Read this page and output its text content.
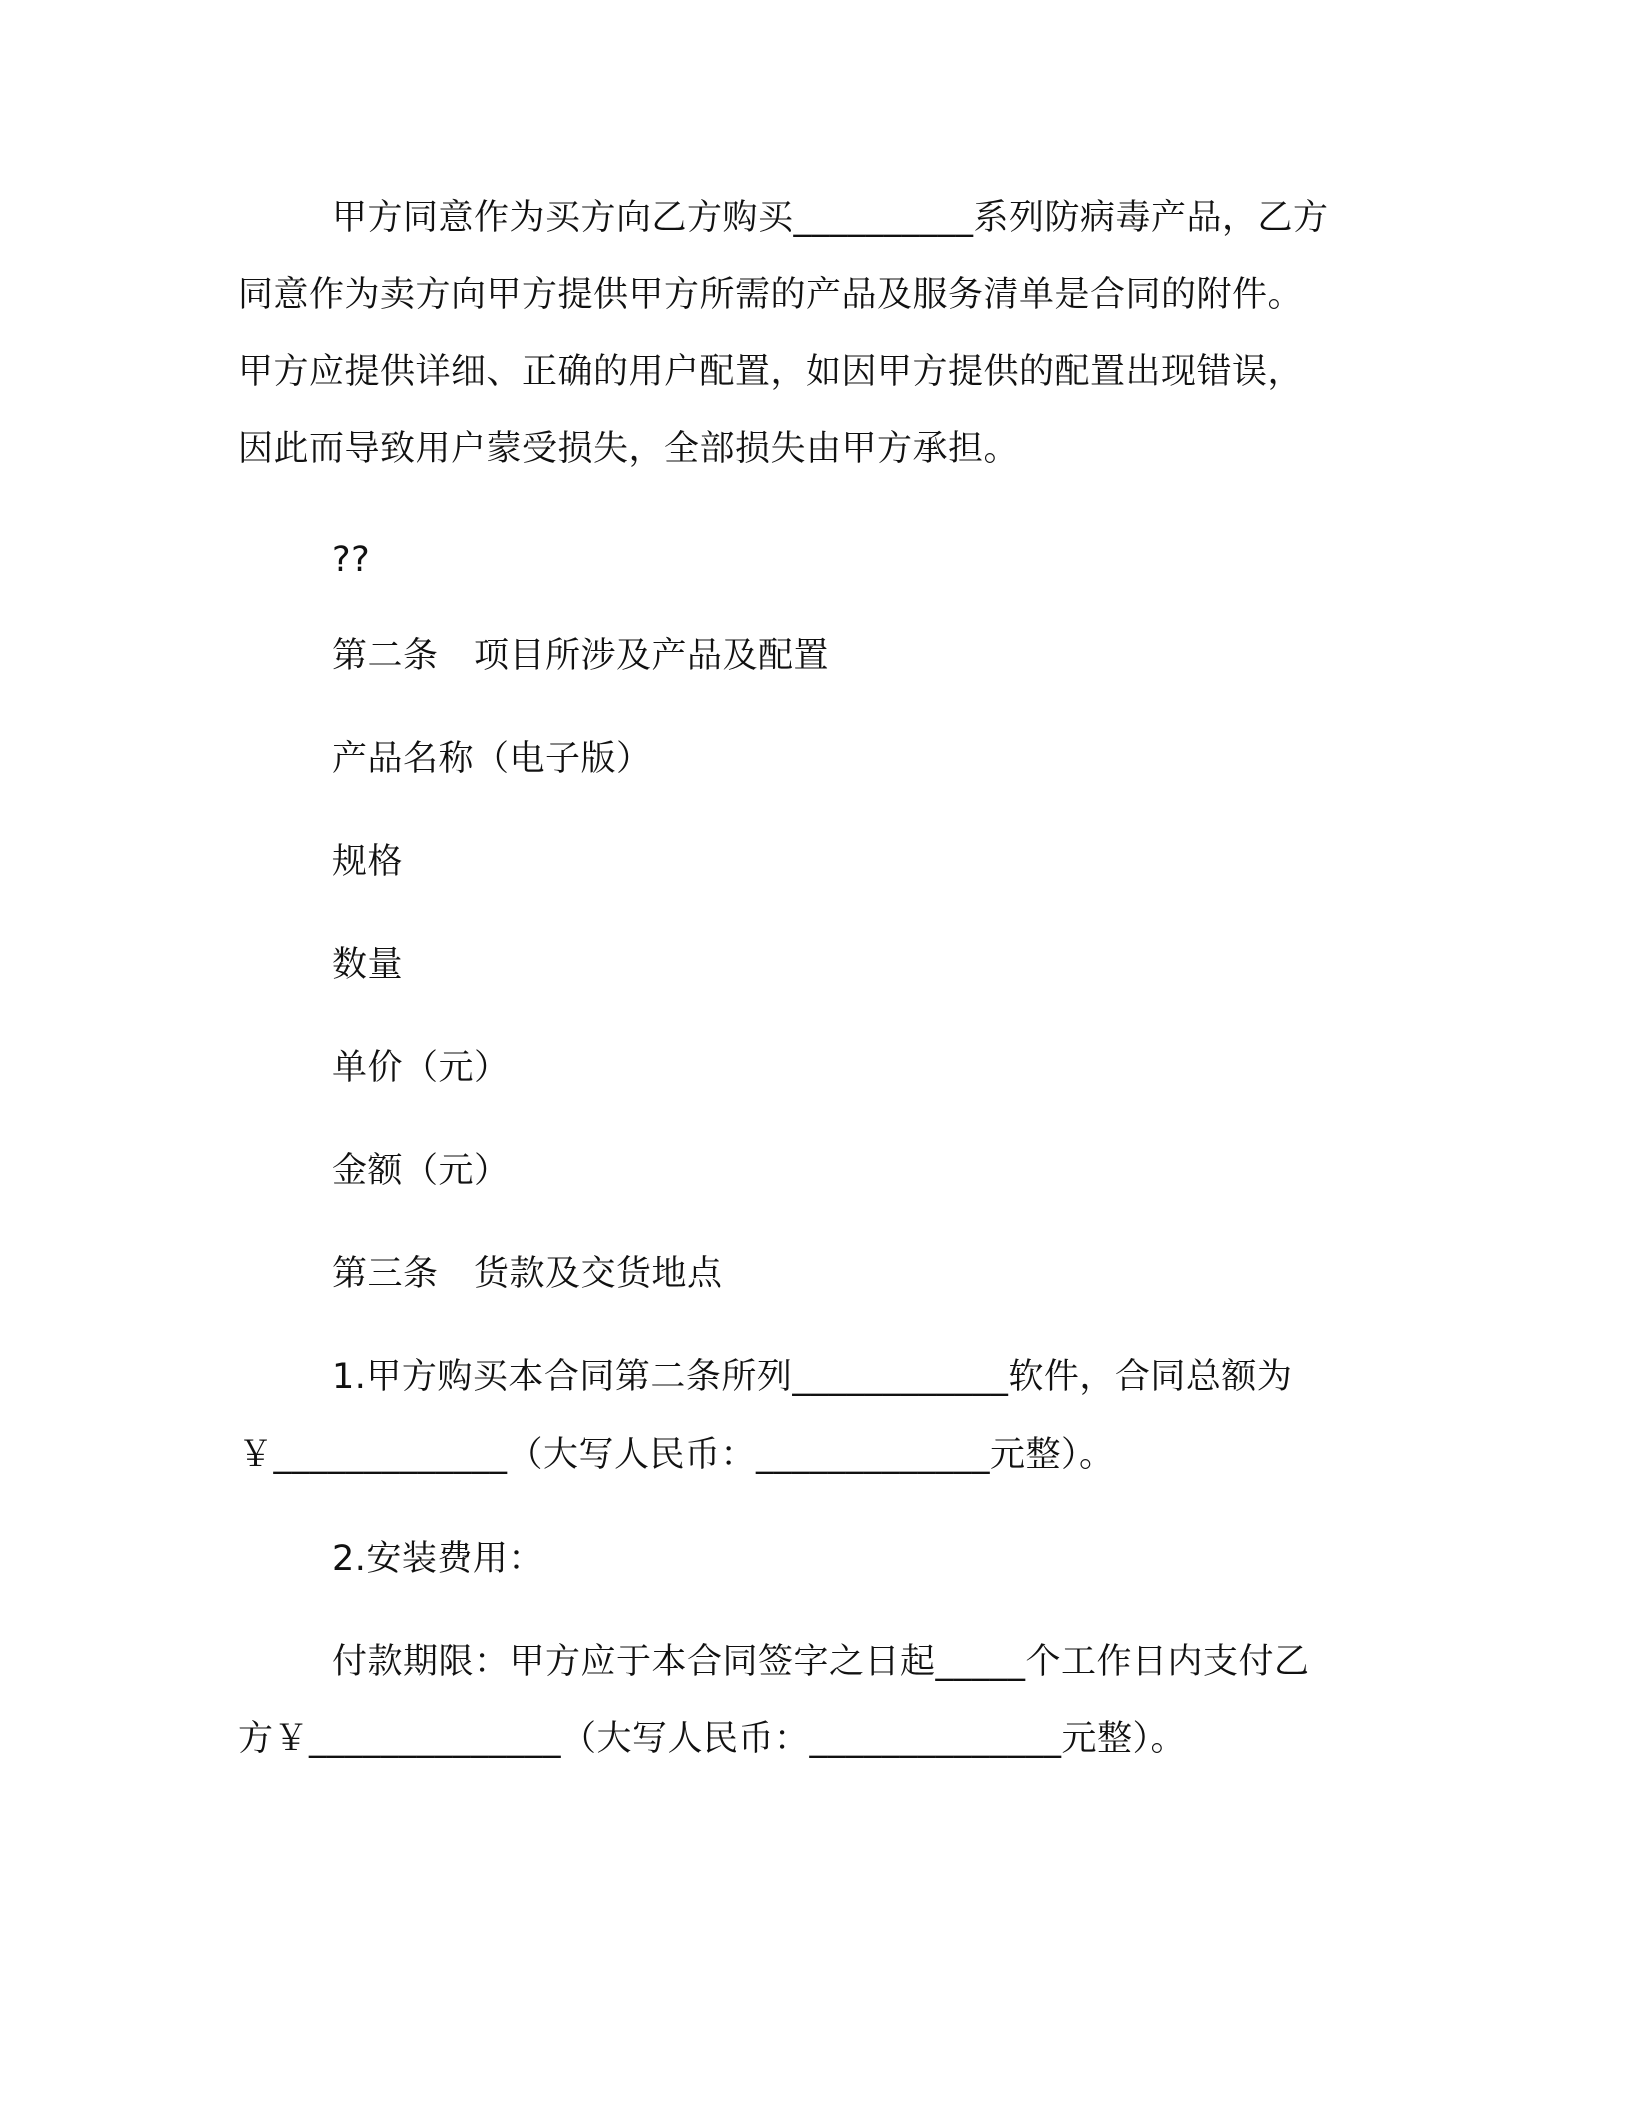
甲方同意作为买方向乙方购买__________系列防病毒产品，乙方
同意作为卖方向甲方提供甲方所需的产品及服务清单是合同的附件。
甲方应提供详细、正确的用户配置，如因甲方提供的配置出现错误，
因此而导致用户蒙受损失，全部损失由甲方承担。
??
第二条　项目所涉及产品及配置
产品名称（电子版）
规格
数量
单价（元）
金额（元）
第三条　货款及交货地点
1.甲方购买本合同第二条所列____________软件，合同总额为
￥_____________（大写人民币：_____________元整）。
2.安装费用：
付款期限：甲方应于本合同签字之日起_____个工作日内支付乙
方￥______________（大写人民币：______________元整）。
